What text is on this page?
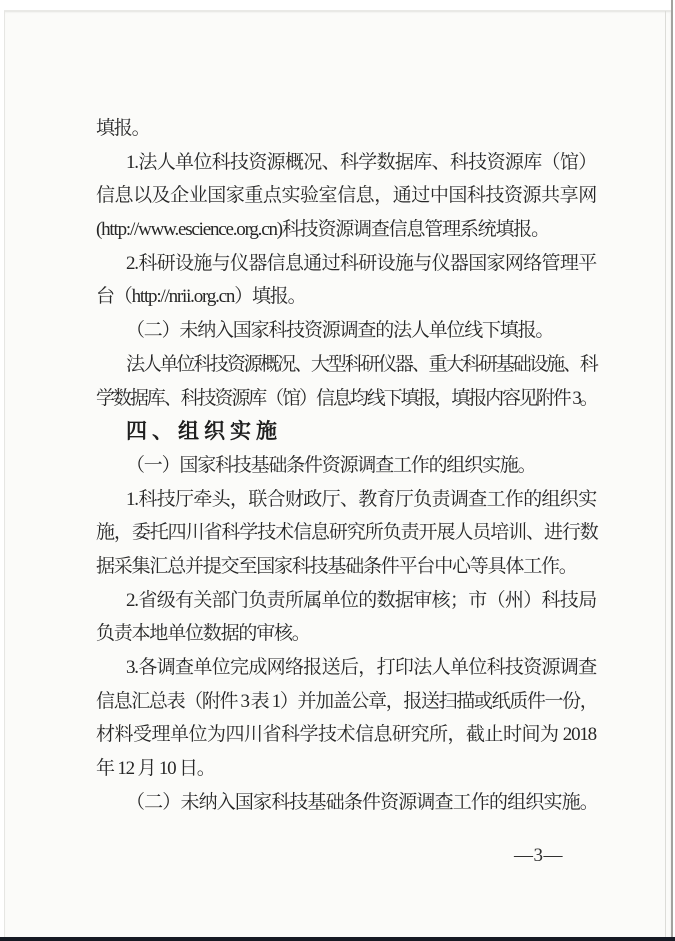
填报。
1.法人单位科技资源概况、科学数据库、科技资源库（馆）
信息以及企业国家重点实验室信息，通过中国科技资源共享网
(http://www.escience.org.cn)科技资源调查信息管理系统填报。
2.科研设施与仪器信息通过科研设施与仪器国家网络管理平
台（http://nrii.org.cn）填报。
（二）未纳入国家科技资源调查的法人单位线下填报。
法人单位科技资源概况、大型科研仪器、重大科研基础设施、科
学数据库、科技资源库（馆）信息均线下填报，填报内容见附件 3。
四、组织实施
（一）国家科技基础条件资源调查工作的组织实施。
1.科技厅牵头，联合财政厅、教育厅负责调查工作的组织实
施，委托四川省科学技术信息研究所负责开展人员培训、进行数
据采集汇总并提交至国家科技基础条件平台中心等具体工作。
2.省级有关部门负责所属单位的数据审核；市（州）科技局
负责本地单位数据的审核。
3.各调查单位完成网络报送后，打印法人单位科技资源调查
信息汇总表（附件 3 表 1）并加盖公章，报送扫描或纸质件一份，
材料受理单位为四川省科学技术信息研究所，截止时间为 2018
年 12 月 10 日。
（二）未纳入国家科技基础条件资源调查工作的组织实施。
—3—
